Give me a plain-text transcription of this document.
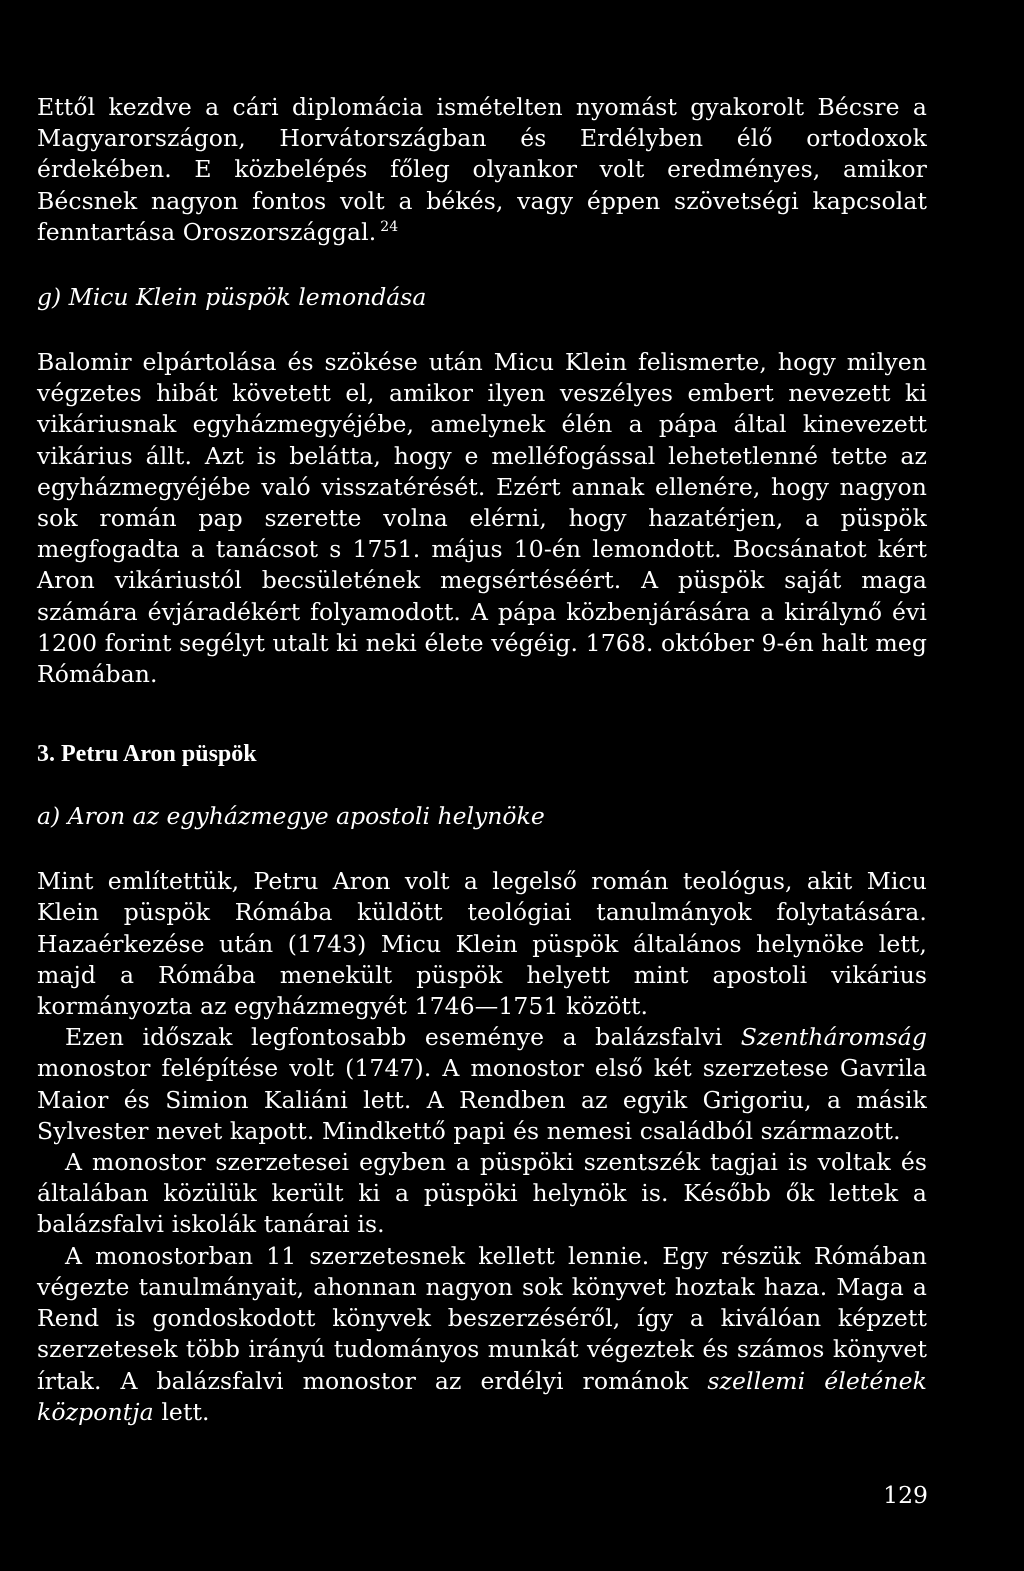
Ettől kezdve a cári diplomácia ismételten nyomást gyakorolt Bécsre a Magyarországon, Horvátországban és Erdélyben élő ortodoxok érdekében. E közbelépés főleg olyankor volt eredményes, amikor Bécsnek nagyon fontos volt a békés, vagy éppen szövetségi kapcsolat fenntartása Oroszországgal. $^{24}$

g) Micu Klein püspök lemondása

Balomir elpártolása és szökése után Micu Klein felismerte, hogy milyen végzetes hibát követett el, amikor ilyen veszélyes embert nevezett ki vikáriusnak egyházmegyéjébe, amelynek élén a pápa által kinevezett vikárius állt. Azt is belátta, hogy e melléfogással lehetetlenné tette az egyházmegyéjébe való visszatérését. Ezért annak ellenére, hogy nagyon sok román pap szerette volna elérni, hogy hazatérjen, a püspök megfogadta a tanácsot s 1751. május 10-én lemondott. Bocsánatot kért Aron vikáriustól becsületének megsértéséért. A püspök saját maga számára évjáradékért folyamodott. A pápa közbenjárására a királynő évi 1200 forint segélyt utalt ki neki élete végéig. 1768. október 9-én halt meg Rómában.

3. Petru Aron püspök
a) Aron az egyházmegye apostoli helynöke

Mint említettük, Petru Aron volt a legelső román teológus, akit Micu Klein püspök Rómába küldött teológiai tanulmányok folytatására. Hazaérkezése után (1743) Micu Klein püspök általános helynöke lett, majd a Rómába menekült püspök helyett mint apostoli vikárius kormányozta az egyházmegyét 1746—1751 között.

Ezen időszak legfontosabb eseménye a balázsfalvi Szentháromság monostor felépítése volt (1747). A monostor első két szerzetese Gavrila Maior és Simion Kaliáni lett. A Rendben az egyik Grigoriu, a másik Sylvester nevet kapott. Mindkettő papi és nemesi családból származott.

A monostor szerzetesei egyben a püspöki szentszék tagjai is voltak és általában közülük került ki a püspöki helynök is. Később ők lettek a balázsfalvi iskolák tanárai is.

A monostorban 11 szerzetesnek kellett lennie. Egy részük Rómában végezte tanulmányait, ahonnan nagyon sok könyvet hoztak haza. Maga a Rend is gondoskodott könyvek beszerzéséről, így a kiválóan képzett szerzetesek több irányú tudományos munkát végeztek és számos könyvet írtak. A balázsfalvi monostor az erdélyi románok szellemi életének központja lett.

129
